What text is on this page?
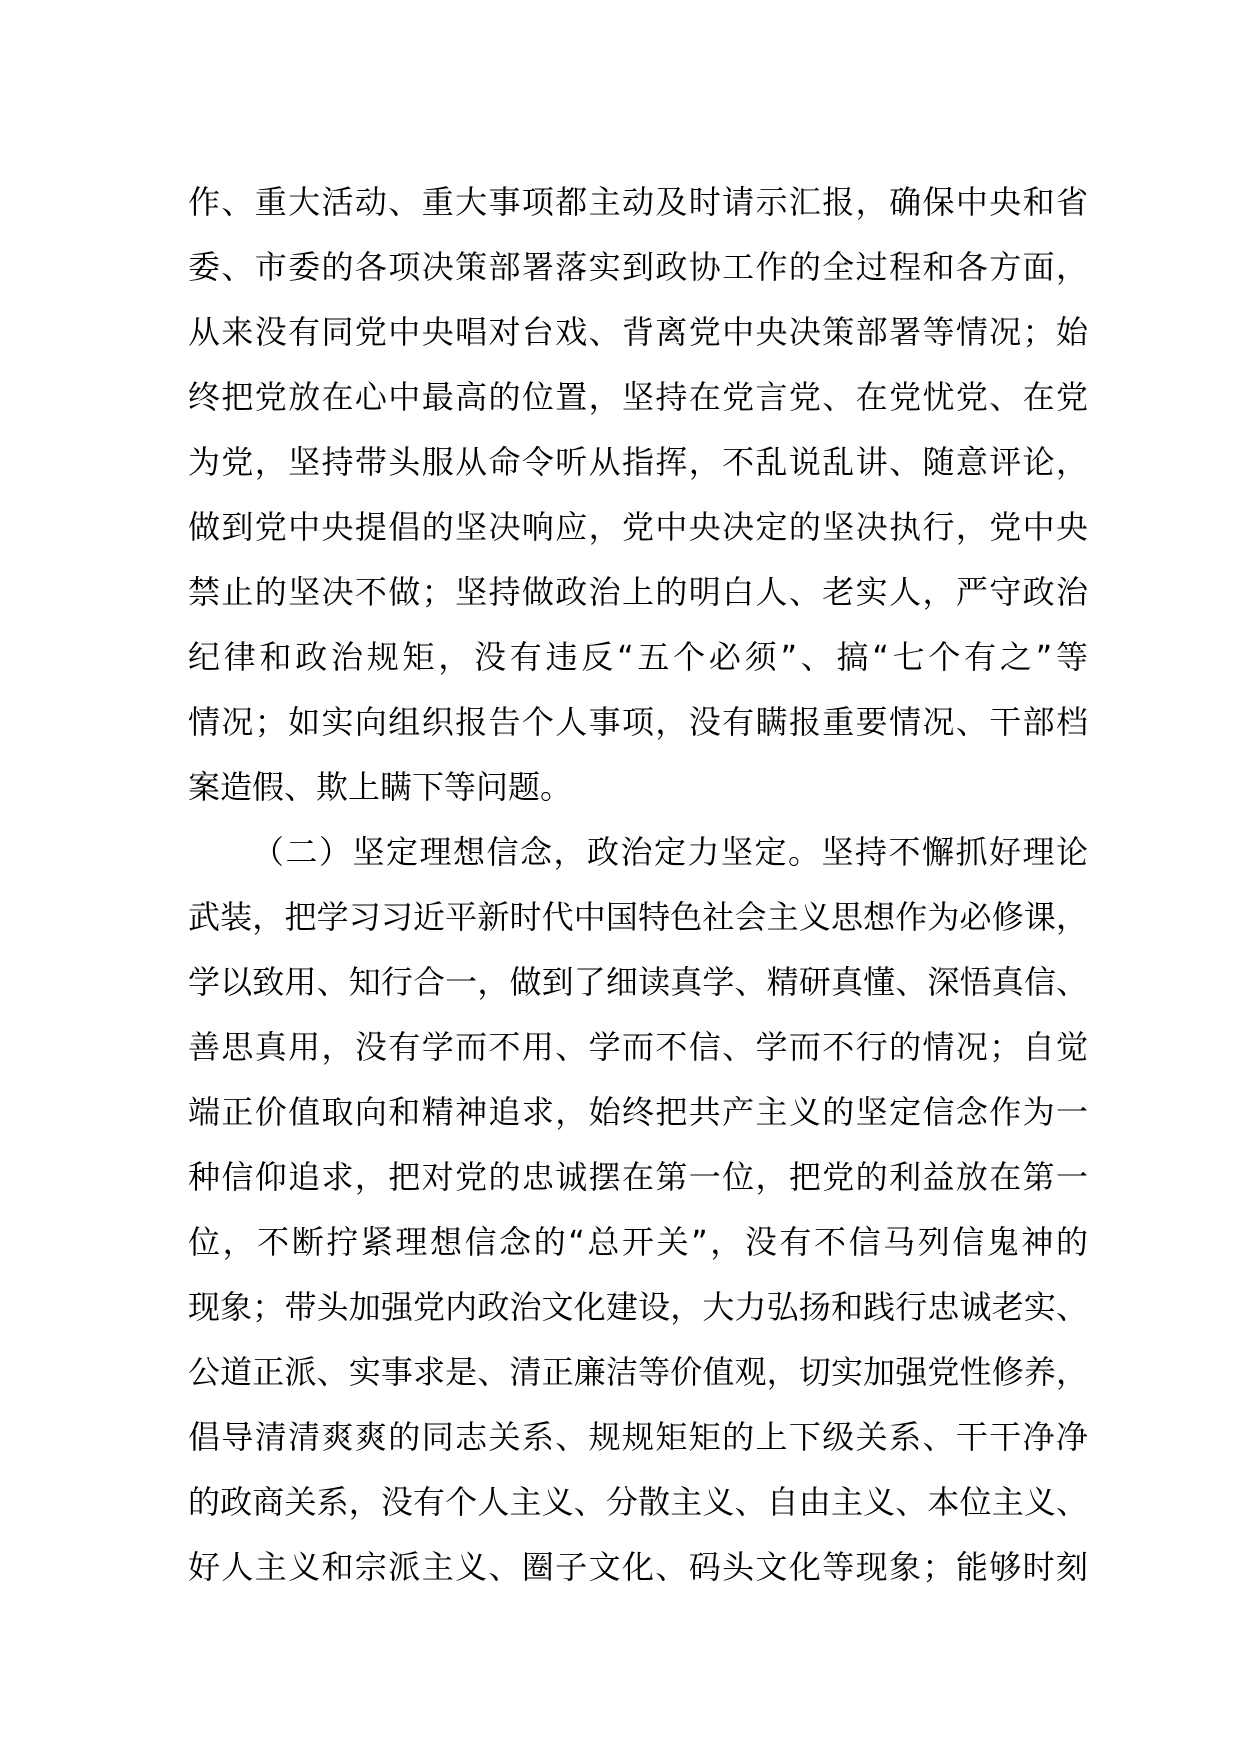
作、重大活动、重大事项都主动及时请示汇报，确保中央和省
委、市委的各项决策部署落实到政协工作的全过程和各方面，
从来没有同党中央唱对台戏、背离党中央决策部署等情况；始
终把党放在心中最高的位置，坚持在党言党、在党忧党、在党
为党，坚持带头服从命令听从指挥，不乱说乱讲、随意评论，
做到党中央提倡的坚决响应，党中央决定的坚决执行，党中央
禁止的坚决不做；坚持做政治上的明白人、老实人，严守政治
纪律和政治规矩，没有违反“五个必须”、搞“七个有之”等
情况；如实向组织报告个人事项，没有瞒报重要情况、干部档
案造假、欺上瞒下等问题。
（二）坚定理想信念，政治定力坚定。坚持不懈抓好理论
武装，把学习习近平新时代中国特色社会主义思想作为必修课，
学以致用、知行合一，做到了细读真学、精研真懂、深悟真信、
善思真用，没有学而不用、学而不信、学而不行的情况；自觉
端正价值取向和精神追求，始终把共产主义的坚定信念作为一
种信仰追求，把对党的忠诚摆在第一位，把党的利益放在第一
位，不断拧紧理想信念的“总开关”，没有不信马列信鬼神的
现象；带头加强党内政治文化建设，大力弘扬和践行忠诚老实、
公道正派、实事求是、清正廉洁等价值观，切实加强党性修养，
倡导清清爽爽的同志关系、规规矩矩的上下级关系、干干净净
的政商关系，没有个人主义、分散主义、自由主义、本位主义、
好人主义和宗派主义、圈子文化、码头文化等现象；能够时刻
